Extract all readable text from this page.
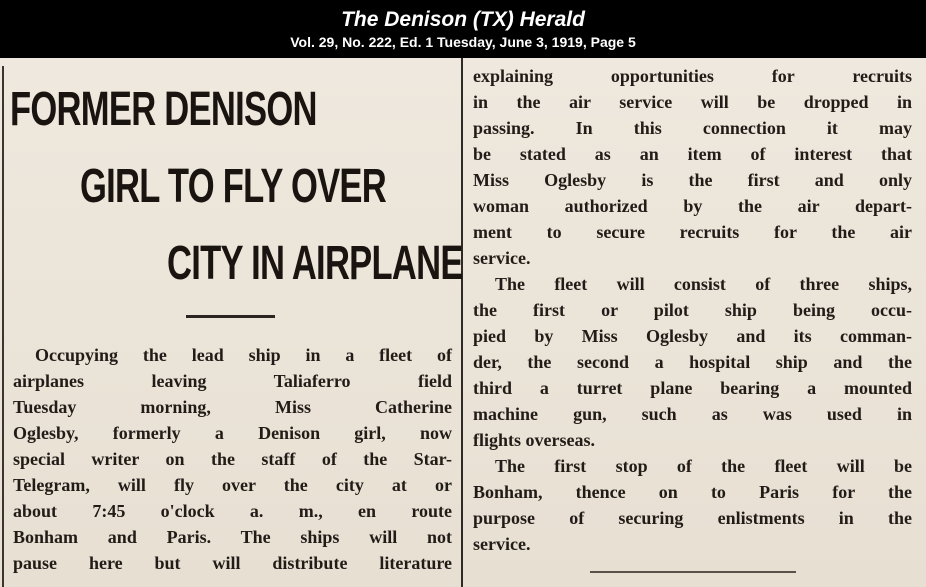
The Denison (TX) Herald
Vol. 29, No. 222, Ed. 1 Tuesday, June 3, 1919, Page 5
FORMER DENISON
GIRL TO FLY OVER
CITY IN AIRPLANE
Occupying the lead ship in a fleet of
airplanes leaving Taliaferro field
Tuesday morning, Miss Catherine
Oglesby, formerly a Denison girl, now
special writer on the staff of the Star-
Telegram, will fly over the city at or
about 7:45 o'clock a. m., en route
Bonham and Paris. The ships will not
pause here but will distribute literature
explaining opportunities for recruits
in the air service will be dropped in
passing. In this connection it may
be stated as an item of interest that
Miss Oglesby is the first and only
woman authorized by the air depart-
ment to secure recruits for the air
service.
The fleet will consist of three ships,
the first or pilot ship being occu-
pied by Miss Oglesby and its comman-
der, the second a hospital ship and the
third a turret plane bearing a mounted
machine gun, such as was used in
flights overseas.
The first stop of the fleet will be
Bonham, thence on to Paris for the
purpose of securing enlistments in the
service.
